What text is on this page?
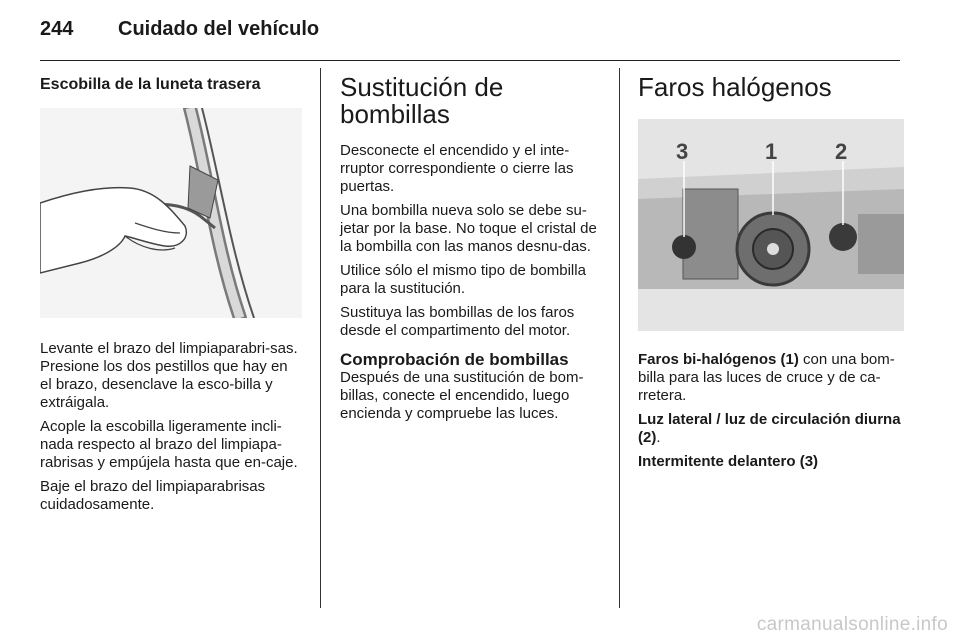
244 Cuidado del vehículo
Escobilla de la luneta trasera

Levante el brazo del limpiaparabri-sas. Presione los dos pestillos que hay en el brazo, desenclave la esco-billa y extráigala.

Acople la escobilla ligeramente incli-nada respecto al brazo del limpiapa-rabrisas y empújela hasta que en-caje.

Baje el brazo del limpiaparabrisas cuidadosamente.

Sustitución de bombillas

Desconecte el encendido y el inte-rruptor correspondiente o cierre las puertas.

Una bombilla nueva solo se debe su-jetar por la base. No toque el cristal de la bombilla con las manos desnu-das.

Utilice sólo el mismo tipo de bombilla para la sustitución.

Sustituya las bombillas de los faros desde el compartimento del motor.

Comprobación de bombillas

Después de una sustitución de bom-billas, conecte el encendido, luego encienda y compruebe las luces.

Faros halógenos
3	1	2

Faros bi-halógenos (1) con una bom-billa para las luces de cruce y de ca-rretera.

Luz lateral / luz de circulación diurna (2).

Intermitente delantero (3)

carmanualsonline.info
